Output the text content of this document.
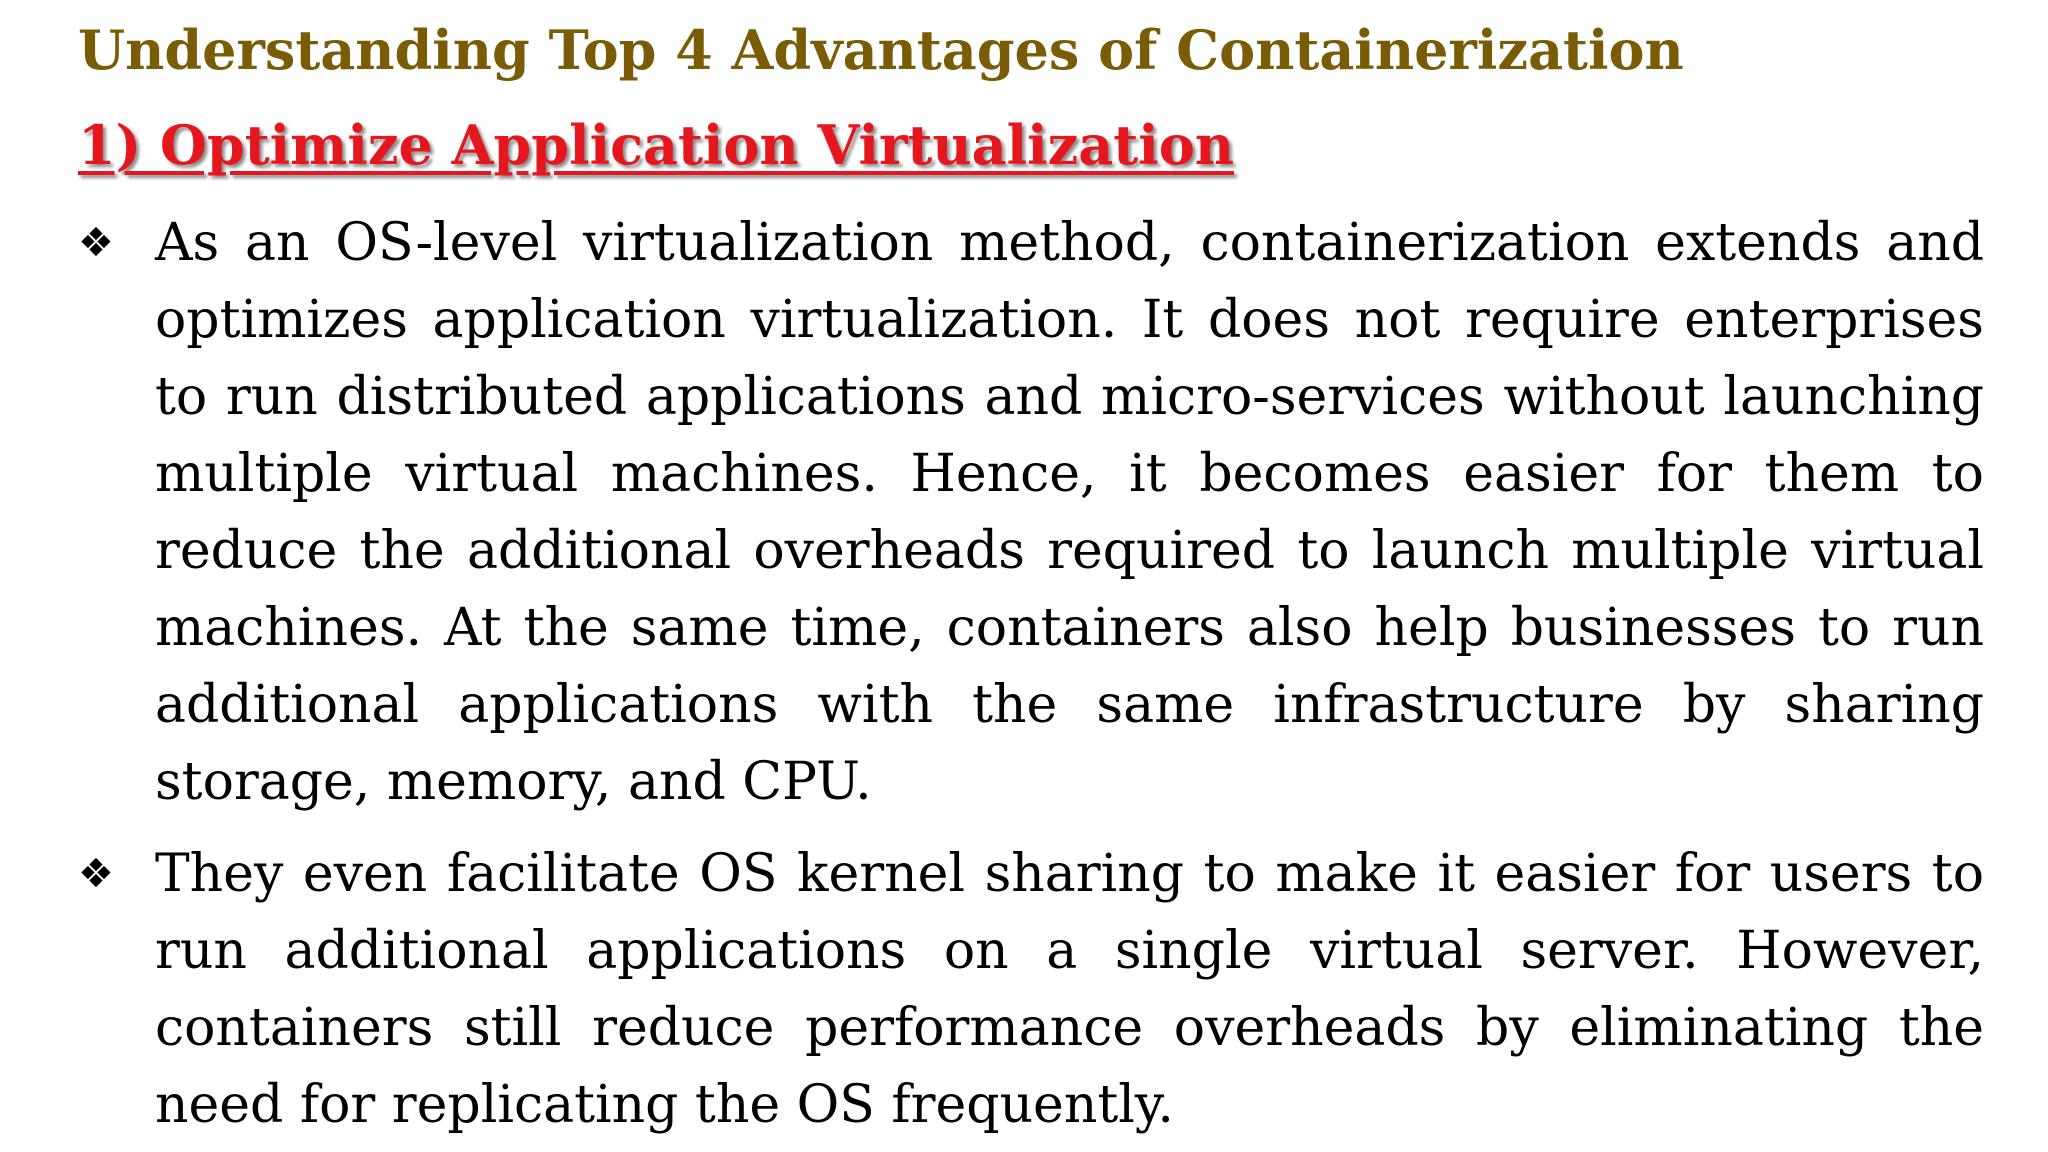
Understanding Top 4 Advantages of Containerization
1) Optimize Application Virtualization
❖ As an OS-level virtualization method, containerization extends and optimizes application virtualization. It does not require enterprises to run distributed applications and micro-services without launching multiple virtual machines. Hence, it becomes easier for them to reduce the additional overheads required to launch multiple virtual machines. At the same time, containers also help businesses to run additional applications with the same infrastructure by sharing storage, memory, and CPU.
❖ They even facilitate OS kernel sharing to make it easier for users to run additional applications on a single virtual server. However, containers still reduce performance overheads by eliminating the need for replicating the OS frequently.
